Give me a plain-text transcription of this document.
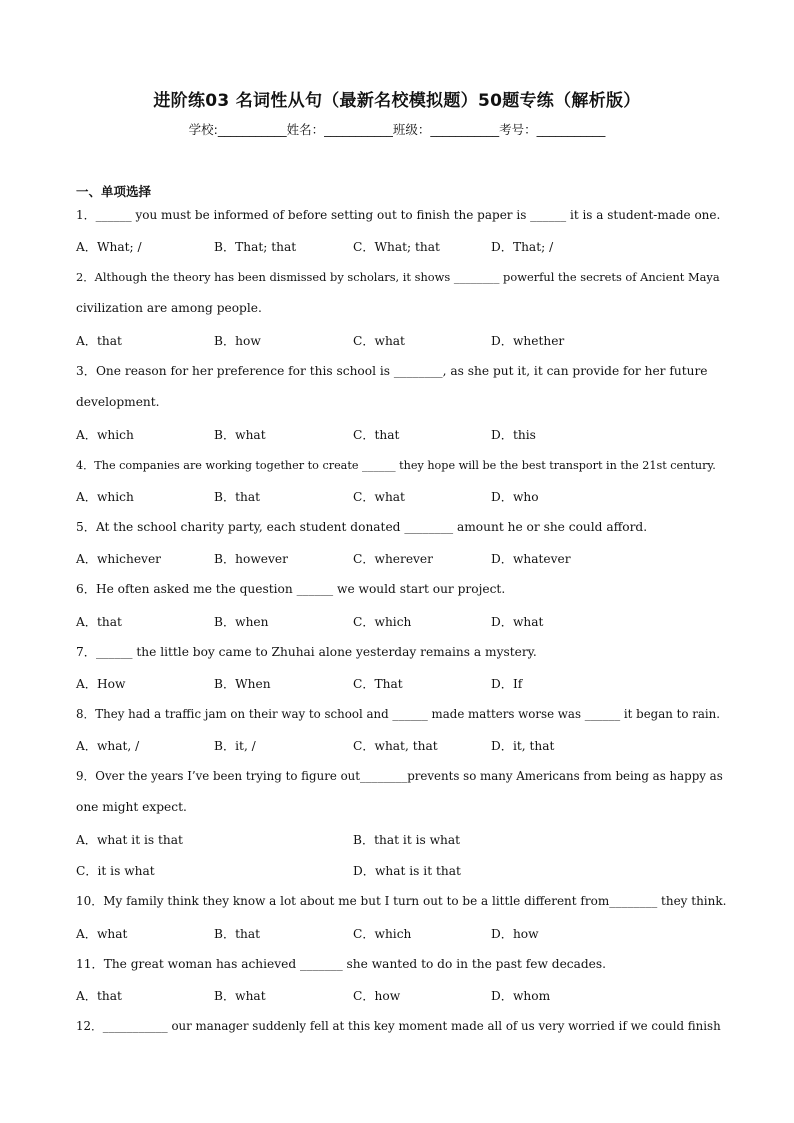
进阶练03 名词性从句（最新名校模拟题）50题专练（解析版）
学校:___________姓名：___________班级：___________考号：___________
一、单项选择
1．______ you must be informed of before setting out to finish the paper is ______ it is a student-made one.
A．What; /	B．That; that	C．What; that	D．That; /
2．Although the theory has been dismissed by scholars, it shows ________ powerful the secrets of Ancient Maya
civilization are among people.
A．that	B．how	C．what	D．whether
3．One reason for her preference for this school is ________, as she put it, it can provide for her future
development.
A．which	B．what	C．that	D．this
4．The companies are working together to create ______ they hope will be the best transport in the 21st century.
A．which	B．that	C．what	D．who
5．At the school charity party, each student donated ________ amount he or she could afford.
A．whichever	B．however	C．wherever	D．whatever
6．He often asked me the question ______ we would start our project.
A．that	B．when	C．which	D．what
7．______ the little boy came to Zhuhai alone yesterday remains a mystery.
A．How	B．When	C．That	D．If
8．They had a traffic jam on their way to school and ______ made matters worse was ______ it began to rain.
A．what, /	B．it, /	C．what, that	D．it, that
9．Over the years I’ve been trying to figure out________prevents so many Americans from being as happy as
one might expect.
A．what it is that	B．that it is what
C．it is what	D．what is it that
10．My family think they know a lot about me but I turn out to be a little different from________ they think.
A．what	B．that	C．which	D．how
11．The great woman has achieved _______ she wanted to do in the past few decades.
A．that	B．what	C．how	D．whom
12．___________ our manager suddenly fell at this key moment made all of us very worried if we could finish
